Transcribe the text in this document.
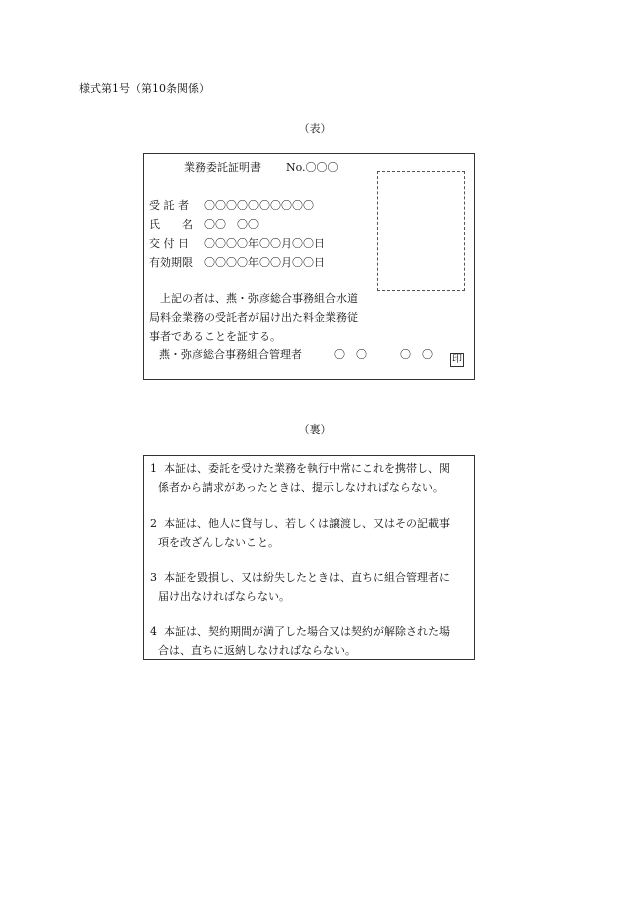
様式第1号（第10条関係）
（表）
業務委託証明書 No.〇〇〇
受 託 者 〇〇〇〇〇〇〇〇〇〇
氏　　名 〇〇　〇〇
交 付 日 〇〇〇〇年〇〇月〇〇日
有効期限 〇〇〇〇年〇〇月〇〇日
上記の者は、燕・弥彦総合事務組合水道
局料金業務の受託者が届け出た料金業務従
事者であることを証する。
燕・弥彦総合事務組合管理者	〇　〇　　　〇　〇 印
（裏）
1 本証は、委託を受けた業務を執行中常にこれを携帯し、関
係者から請求があったときは、提示しなければならない。
2 本証は、他人に貸与し、若しくは譲渡し、又はその記載事
項を改ざんしないこと。
3 本証を毀損し、又は紛失したときは、直ちに組合管理者に
届け出なければならない。
4 本証は、契約期間が満了した場合又は契約が解除された場
合は、直ちに返納しなければならない。
